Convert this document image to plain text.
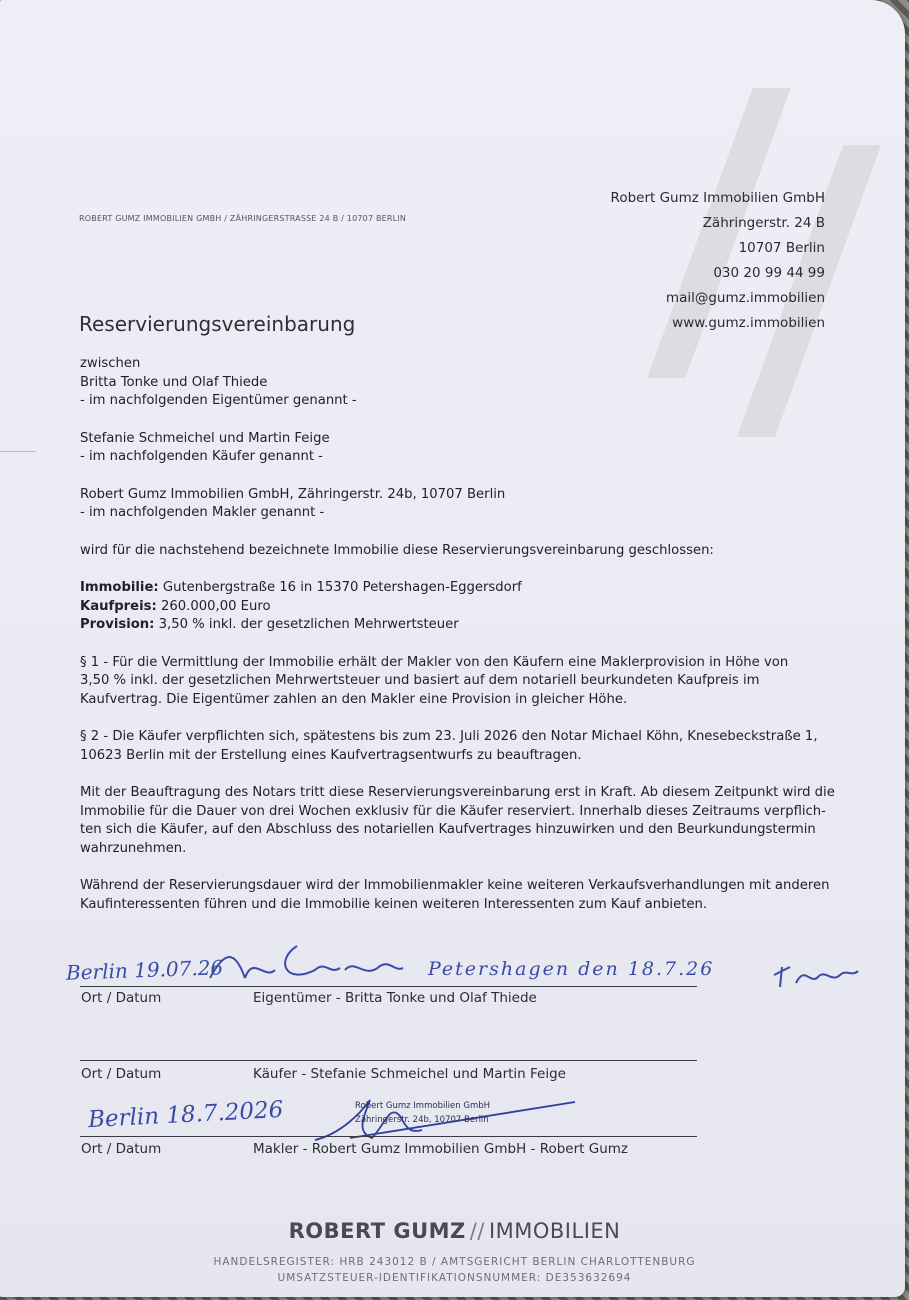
ROBERT GUMZ IMMOBILIEN GMBH / ZÄHRINGERSTRASSE 24 B / 10707 BERLIN
Robert Gumz Immobilien GmbH
Zähringerstr. 24 B
10707 Berlin
030 20 99 44 99
mail@gumz.immobilien
www.gumz.immobilien
Reservierungsvereinbarung

zwischen

Britta Tonke und Olaf Thiede

- im nachfolgenden Eigentümer genannt -

Stefanie Schmeichel und Martin Feige

- im nachfolgenden Käufer genannt -

Robert Gumz Immobilien GmbH, Zähringerstr. 24b, 10707 Berlin

- im nachfolgenden Makler genannt -

wird für die nachstehend bezeichnete Immobilie diese Reservierungsvereinbarung geschlossen:

Immobilie: Gutenbergstraße 16 in 15370 Petershagen-Eggersdorf

Kaufpreis: 260.000,00 Euro

Provision: 3,50 % inkl. der gesetzlichen Mehrwertsteuer

§ 1 - Für die Vermittlung der Immobilie erhält der Makler von den Käufern eine Maklerprovision in Höhe von

3,50 % inkl. der gesetzlichen Mehrwertsteuer und basiert auf dem notariell beurkundeten Kaufpreis im

Kaufvertrag. Die Eigentümer zahlen an den Makler eine Provision in gleicher Höhe.

§ 2 - Die Käufer verpflichten sich, spätestens bis zum 23. Juli 2026 den Notar Michael Köhn, Knesebeckstraße 1,

10623 Berlin mit der Erstellung eines Kaufvertragsentwurfs zu beauftragen.

Mit der Beauftragung des Notars tritt diese Reservierungsvereinbarung erst in Kraft. Ab diesem Zeitpunkt wird die

Immobilie für die Dauer von drei Wochen exklusiv für die Käufer reserviert. Innerhalb dieses Zeitraums verpflich-

ten sich die Käufer, auf den Abschluss des notariellen Kaufvertrages hinzuwirken und den Beurkundungstermin

wahrzunehmen.

Während der Reservierungsdauer wird der Immobilienmakler keine weiteren Verkaufsverhandlungen mit anderen

Kaufinteressenten führen und die Immobilie keinen weiteren Interessenten zum Kauf anbieten.

Berlin 19.07.26	Petershagen den 18.7.26
Ort / Datum	Eigentümer - Britta Tonke und Olaf Thiede
Ort / Datum	Käufer - Stefanie Schmeichel und Martin Feige
Berlin 18.7.2026	Robert Gumz Immobilien GmbH
Zähringerstr. 24b, 10707 Berlin
Ort / Datum	Makler - Robert Gumz Immobilien GmbH - Robert Gumz
ROBERT GUMZ // IMMOBILIEN
HANDELSREGISTER: HRB 243012 B / AMTSGERICHT BERLIN CHARLOTTENBURG
UMSATZSTEUER-IDENTIFIKATIONSNUMMER: DE353632694
